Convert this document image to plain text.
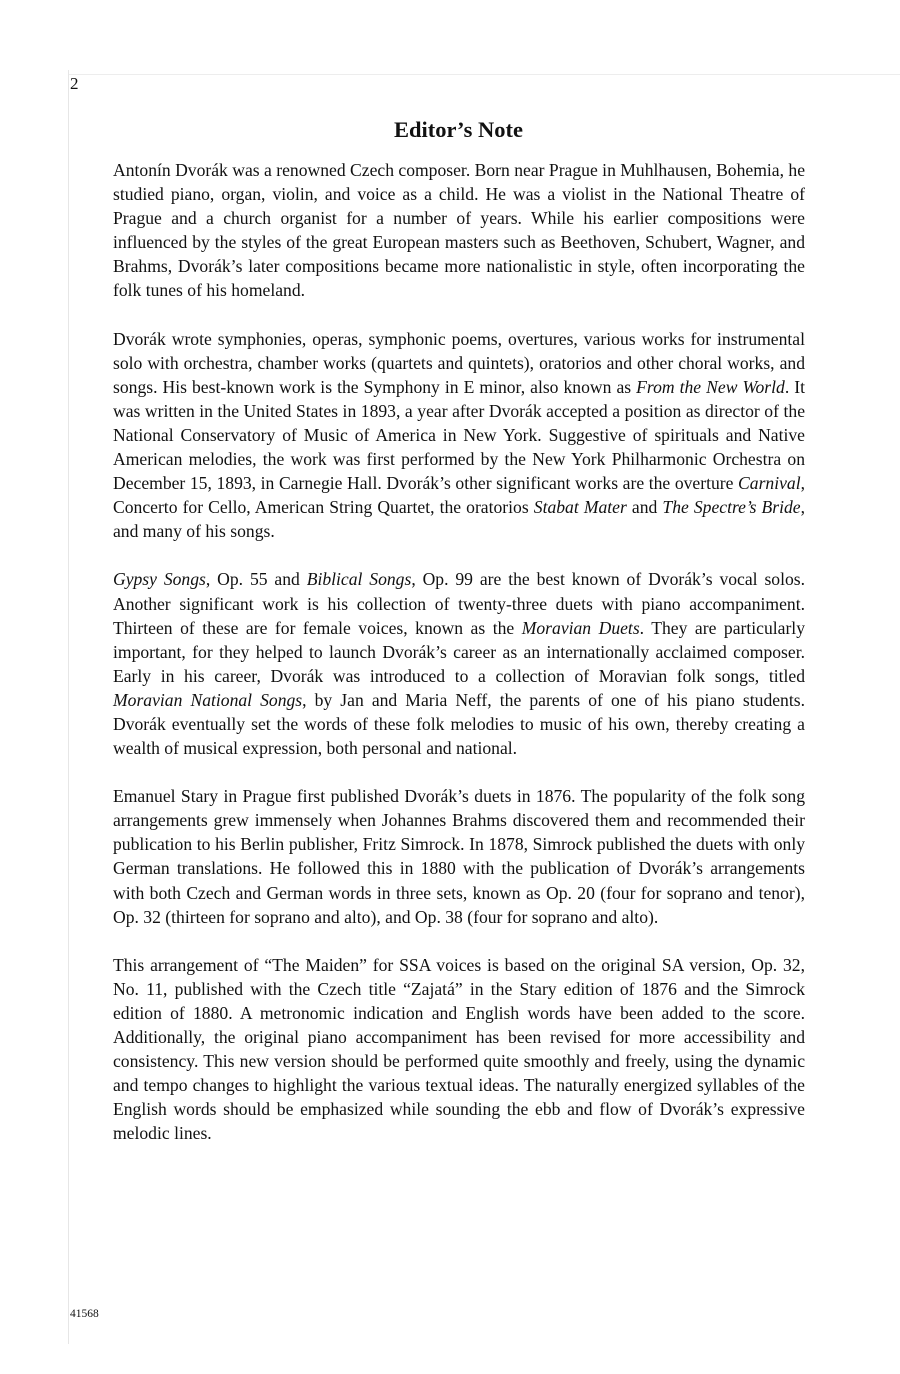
2
Editor’s Note

Antonín Dvorák was a renowned Czech composer. Born near Prague in Muhlhausen, Bohemia, he studied piano, organ, violin, and voice as a child. He was a violist in the National Theatre of Prague and a church organist for a number of years. While his earlier compositions were influenced by the styles of the great European masters such as Beethoven, Schubert, Wagner, and Brahms, Dvorák’s later compositions became more nationalistic in style, often incorporating the folk tunes of his homeland.

Dvorák wrote symphonies, operas, symphonic poems, overtures, various works for instrumental solo with orchestra, chamber works (quartets and quintets), oratorios and other choral works, and songs. His best-known work is the Symphony in E minor, also known as From the New World. It was written in the United States in 1893, a year after Dvorák accepted a position as director of the National Conservatory of Music of America in New York. Suggestive of spirituals and Native American melodies, the work was first performed by the New York Philharmonic Orchestra on December 15, 1893, in Carnegie Hall. Dvorák’s other significant works are the overture Carnival, Concerto for Cello, American String Quartet, the oratorios Stabat Mater and The Spectre’s Bride, and many of his songs.

Gypsy Songs, Op. 55 and Biblical Songs, Op. 99 are the best known of Dvorák’s vocal solos. Another significant work is his collection of twenty-three duets with piano accompaniment. Thirteen of these are for female voices, known as the Moravian Duets. They are particularly important, for they helped to launch Dvorák’s career as an internationally acclaimed composer. Early in his career, Dvorák was introduced to a collection of Moravian folk songs, titled Moravian National Songs, by Jan and Maria Neff, the parents of one of his piano students. Dvorák eventually set the words of these folk melodies to music of his own, thereby creating a wealth of musical expression, both personal and national.

Emanuel Stary in Prague first published Dvorák’s duets in 1876. The popularity of the folk song arrangements grew immensely when Johannes Brahms discovered them and recommended their publication to his Berlin publisher, Fritz Simrock. In 1878, Simrock published the duets with only German translations. He followed this in 1880 with the publication of Dvorák’s arrangements with both Czech and German words in three sets, known as Op. 20 (four for soprano and tenor), Op. 32 (thirteen for soprano and alto), and Op. 38 (four for soprano and alto).

This arrangement of “The Maiden” for SSA voices is based on the original SA version, Op. 32, No. 11, published with the Czech title “Zajatá” in the Stary edition of 1876 and the Simrock edition of 1880. A metronomic indication and English words have been added to the score. Additionally, the original piano accompaniment has been revised for more accessibility and consistency. This new version should be performed quite smoothly and freely, using the dynamic and tempo changes to highlight the various textual ideas. The naturally energized syllables of the English words should be emphasized while sounding the ebb and flow of Dvorák’s expressive melodic lines.

41568
